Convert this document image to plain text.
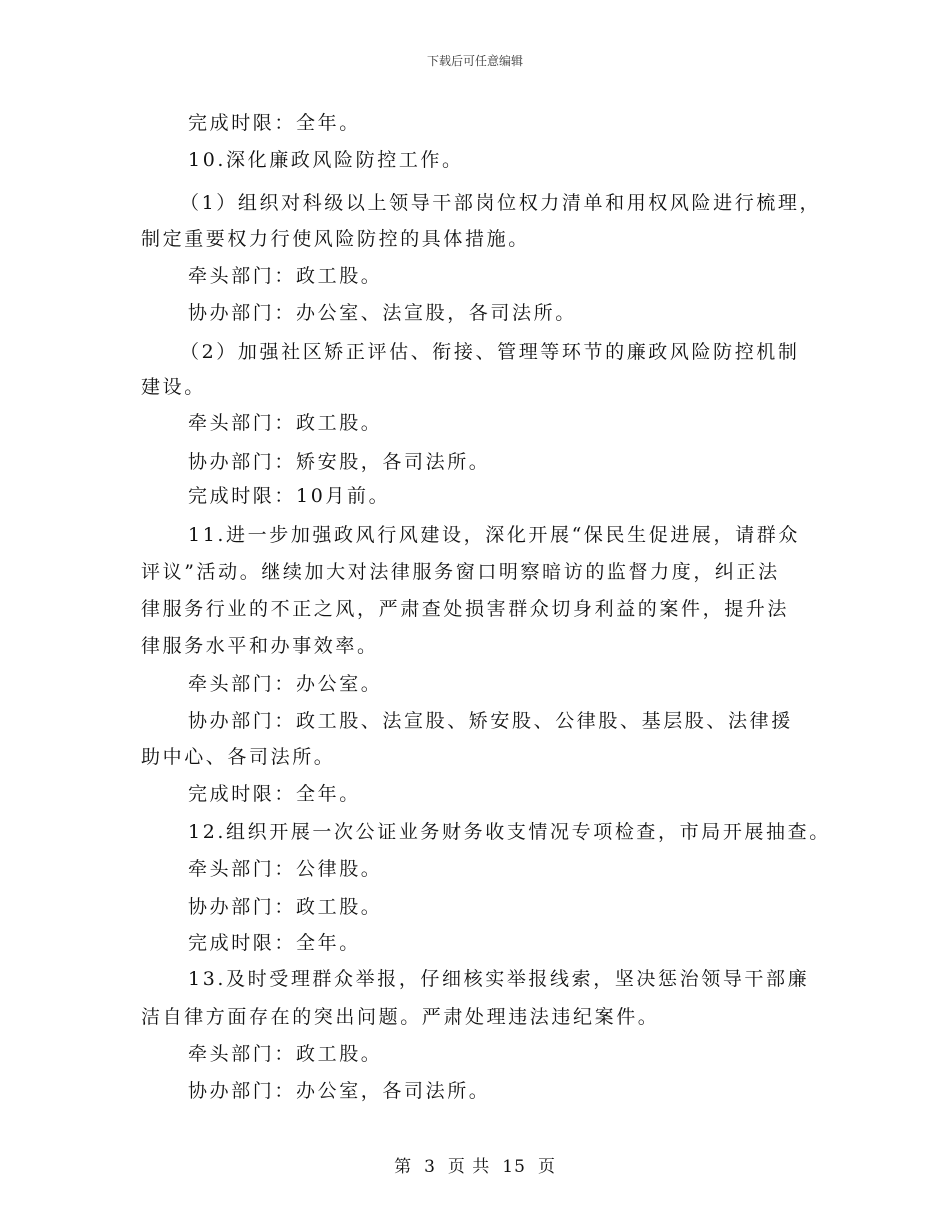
下载后可任意编辑
完成时限：全年。
10.深化廉政风险防控工作。
（1）组织对科级以上领导干部岗位权力清单和用权风险进行梳理，
制定重要权力行使风险防控的具体措施。
牵头部门：政工股。
协办部门：办公室、法宣股，各司法所。
（2）加强社区矫正评估、衔接、管理等环节的廉政风险防控机制
建设。
牵头部门：政工股。
协办部门：矫安股，各司法所。
完成时限：10月前。
11.进一步加强政风行风建设，深化开展“保民生促进展，请群众
评议”活动。继续加大对法律服务窗口明察暗访的监督力度，纠正法
律服务行业的不正之风，严肃查处损害群众切身利益的案件，提升法
律服务水平和办事效率。
牵头部门：办公室。
协办部门：政工股、法宣股、矫安股、公律股、基层股、法律援
助中心、各司法所。
完成时限：全年。
12.组织开展一次公证业务财务收支情况专项检查，市局开展抽查。
牵头部门：公律股。
协办部门：政工股。
完成时限：全年。
13.及时受理群众举报，仔细核实举报线索，坚决惩治领导干部廉
洁自律方面存在的突出问题。严肃处理违法违纪案件。
牵头部门：政工股。
协办部门：办公室，各司法所。
第 3 页 共 15 页
